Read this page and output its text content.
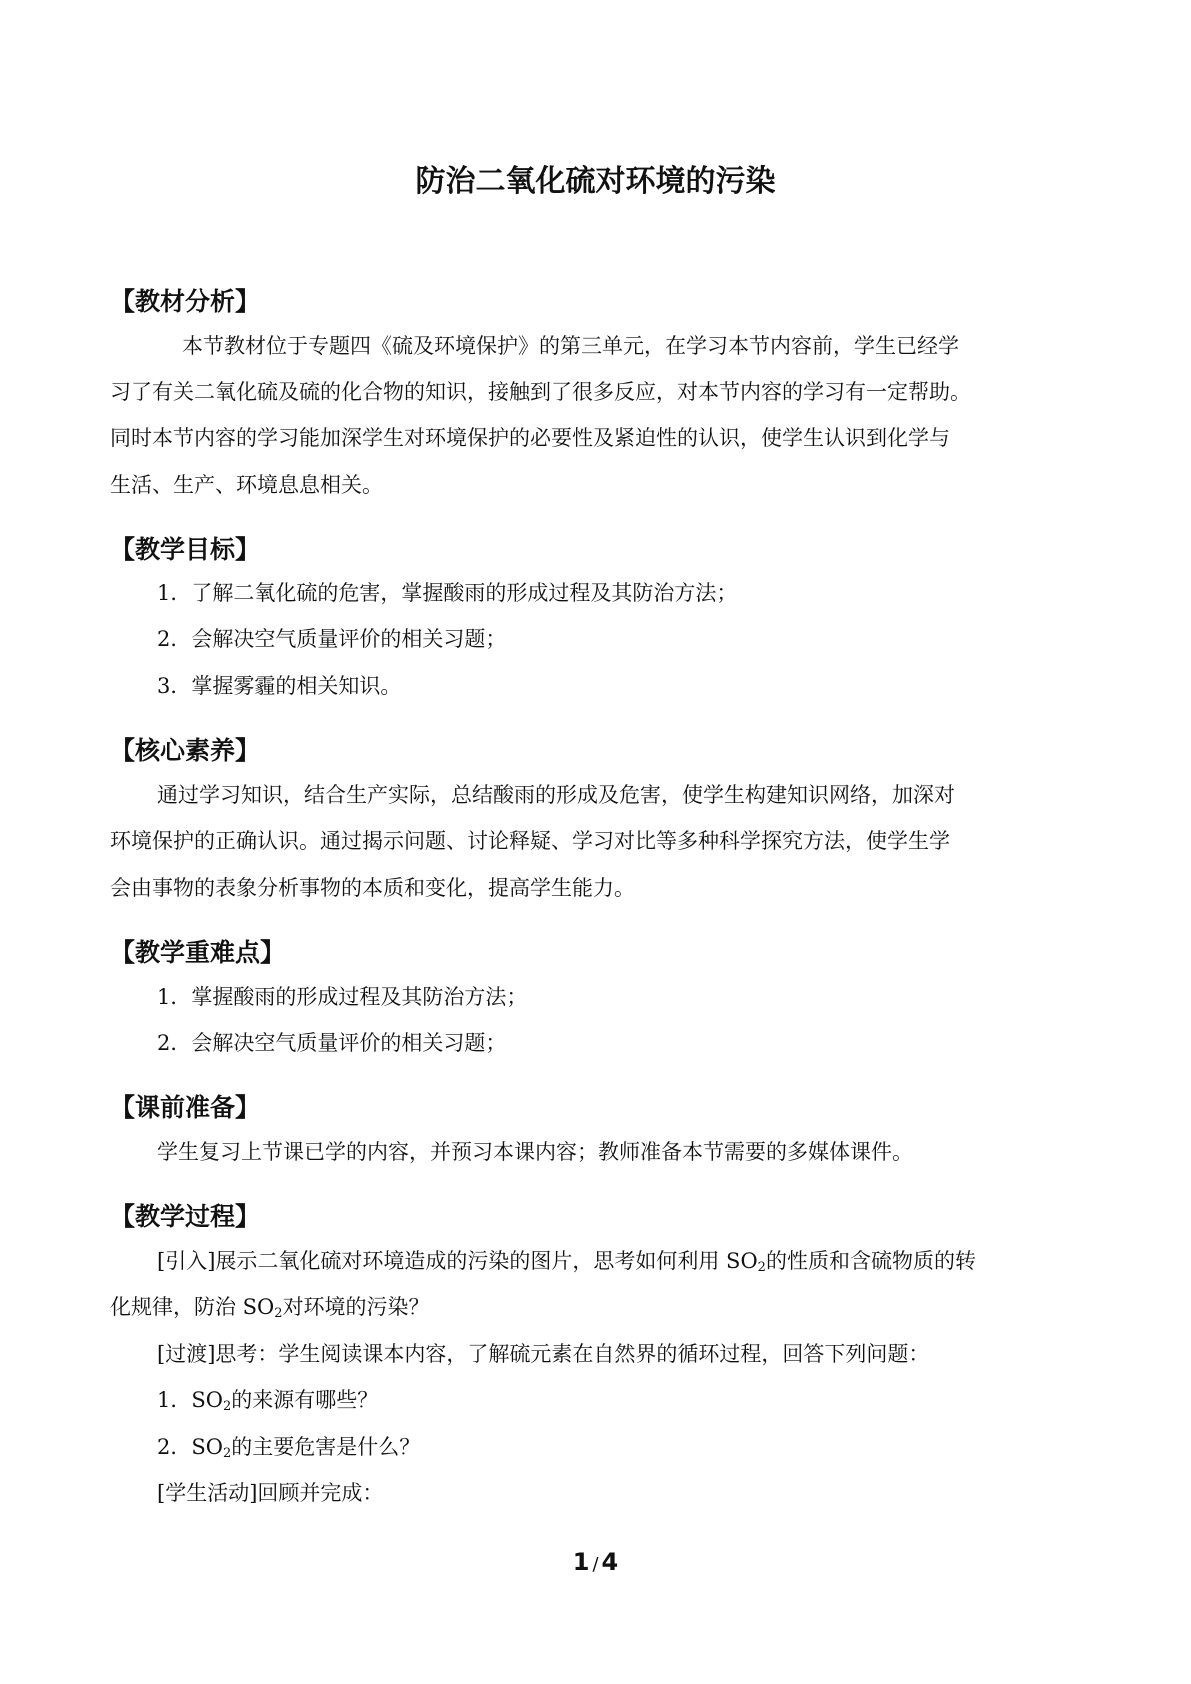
防治二氧化硫对环境的污染
【教材分析】
本节教材位于专题四《硫及环境保护》的第三单元，在学习本节内容前，学生已经学
习了有关二氧化硫及硫的化合物的知识，接触到了很多反应，对本节内容的学习有一定帮助。
同时本节内容的学习能加深学生对环境保护的必要性及紧迫性的认识，使学生认识到化学与
生活、生产、环境息息相关。
【教学目标】
1．了解二氧化硫的危害，掌握酸雨的形成过程及其防治方法；
2．会解决空气质量评价的相关习题；
3．掌握雾霾的相关知识。
【核心素养】
通过学习知识，结合生产实际，总结酸雨的形成及危害，使学生构建知识网络，加深对
环境保护的正确认识。通过揭示问题、讨论释疑、学习对比等多种科学探究方法，使学生学
会由事物的表象分析事物的本质和变化，提高学生能力。
【教学重难点】
1．掌握酸雨的形成过程及其防治方法；
2．会解决空气质量评价的相关习题；
【课前准备】
学生复习上节课已学的内容，并预习本课内容；教师准备本节需要的多媒体课件。
【教学过程】
[引入]展示二氧化硫对环境造成的污染的图片，思考如何利用 $SO_2$的性质和含硫物质的转
化规律，防治 $SO_2$对环境的污染？
[过渡]思考：学生阅读课本内容，了解硫元素在自然界的循环过程，回答下列问题：
1．$SO_2$的来源有哪些？
2．$SO_2$的主要危害是什么？
[学生活动]回顾并完成：
1 / 4
